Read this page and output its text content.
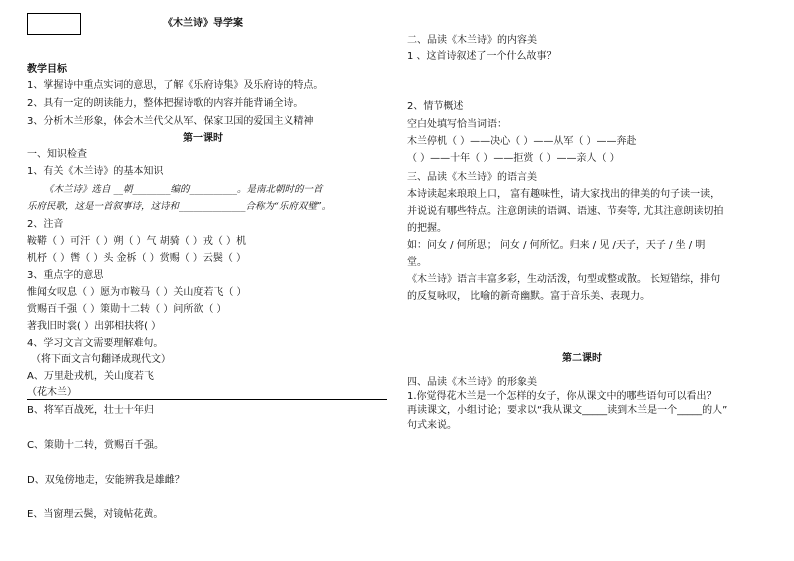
《木兰诗》导学案
教学目标
1、掌握诗中重点实词的意思，了解《乐府诗集》及乐府诗的特点。
2、具有一定的朗读能力，整体把握诗歌的内容并能背诵全诗。
3、分析木兰形象，体会木兰代父从军、保家卫国的爱国主义精神
第一课时
一、知识检查
1、有关《木兰诗》的基本知识
《木兰诗》选自 __朝________编的__________。是南北朝时的一首
乐府民歌，这是一首叙事诗，这诗和______________合称为“乐府双璧”。
2、注音
鞍鞯（ ）可汗（ ）朔（ ）气 胡骑（ ）戎（ ）机
机杼（ ）辔（ ）头 金柝（ ）赏赐（ ）云鬓（ ）
3、重点字的意思
惟闻女叹息（ ）愿为市鞍马（ ）关山度若飞（ ）
赏赐百千强（ ）策勋十二转（ ）问所欲（ ）
著我旧时裳( ）出郭相扶将( ）
4、学习文言文需要理解难句。
（将下面文言句翻译成现代文）
A、万里赴戎机，关山度若飞
（花木兰）
B、将军百战死，壮士十年归
C、策勋十二转，赏赐百千强。
D、双兔傍地走，安能辨我是雄雌？
E、当窗理云鬓，对镜帖花黄。
二、品读《木兰诗》的内容美
1 、这首诗叙述了一个什么故事？
2、情节概述
空白处填写恰当词语：
木兰停机（ ）——决心（ ）——从军（ ）——奔赴
（ ）——十年（ ）——拒赏（ ）——亲人（ ）
三、品读《木兰诗》的语言美
本诗读起来琅琅上口， 富有趣味性，请大家找出的律美的句子读一读，
并说说有哪些特点。注意朗读的语调、语速、节奏等, 尤其注意朗读切拍
的把握。
如：问女 / 何所思； 问女 / 何所忆。归来 / 见 /天子，天子 / 坐 / 明
堂。
《木兰诗》语言丰富多彩，生动活泼，句型或整或散。 长短错综，排句
的反复咏叹， 比喻的新奇幽默。富于音乐美、表现力。
第二课时
四、品读《木兰诗》的形象美
1.你觉得花木兰是一个怎样的女子，你从课文中的哪些语句可以看出？
再读课文，小组讨论；要求以“我从课文_____读到木兰是一个_____的人”
句式来说。
